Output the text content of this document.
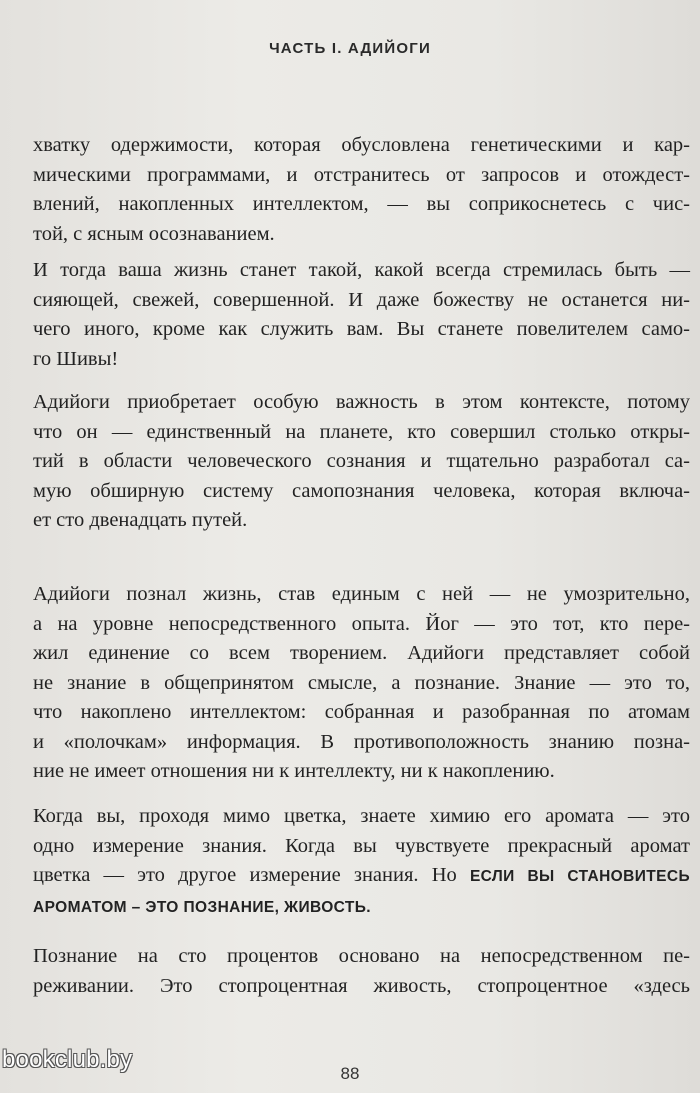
ЧАСТЬ I. АДИЙОГИ

хватку одержимости, которая обусловлена генетическими и кар-
мическими программами, и отстранитесь от запросов и отождест-
влений, накопленных интеллектом, — вы соприкоснетесь с чис-
той, с ясным осознаванием.

И тогда ваша жизнь станет такой, какой всегда стремилась быть —
сияющей, свежей, совершенной. И даже божеству не останется ни-
чего иного, кроме как служить вам. Вы станете повелителем само-
го Шивы!

Адийоги приобретает особую важность в этом контексте, потому
что он — единственный на планете, кто совершил столько откры-
тий в области человеческого сознания и тщательно разработал са-
мую обширную систему самопознания человека, которая включа-
ет сто двенадцать путей.

Адийоги познал жизнь, став единым с ней — не умозрительно,
а на уровне непосредственного опыта. Йог — это тот, кто пере-
жил единение со всем творением. Адийоги представляет собой
не знание в общепринятом смысле, а познание. Знание — это то,
что накоплено интеллектом: собранная и разобранная по атомам
и «полочкам» информация. В противоположность знанию позна-
ние не имеет отношения ни к интеллекту, ни к накоплению.

Когда вы, проходя мимо цветка, знаете химию его аромата — это
одно измерение знания. Когда вы чувствуете прекрасный аромат
цветка — это другое измерение знания. Но ЕСЛИ ВЫ СТАНОВИТЕСЬ
АРОМАТОМ – ЭТО ПОЗНАНИЕ, ЖИВОСТЬ.

Познание на сто процентов основано на непосредственном пе-
реживании. Это стопроцентная живость, стопроцентное «здесь

bookclub.by
88
